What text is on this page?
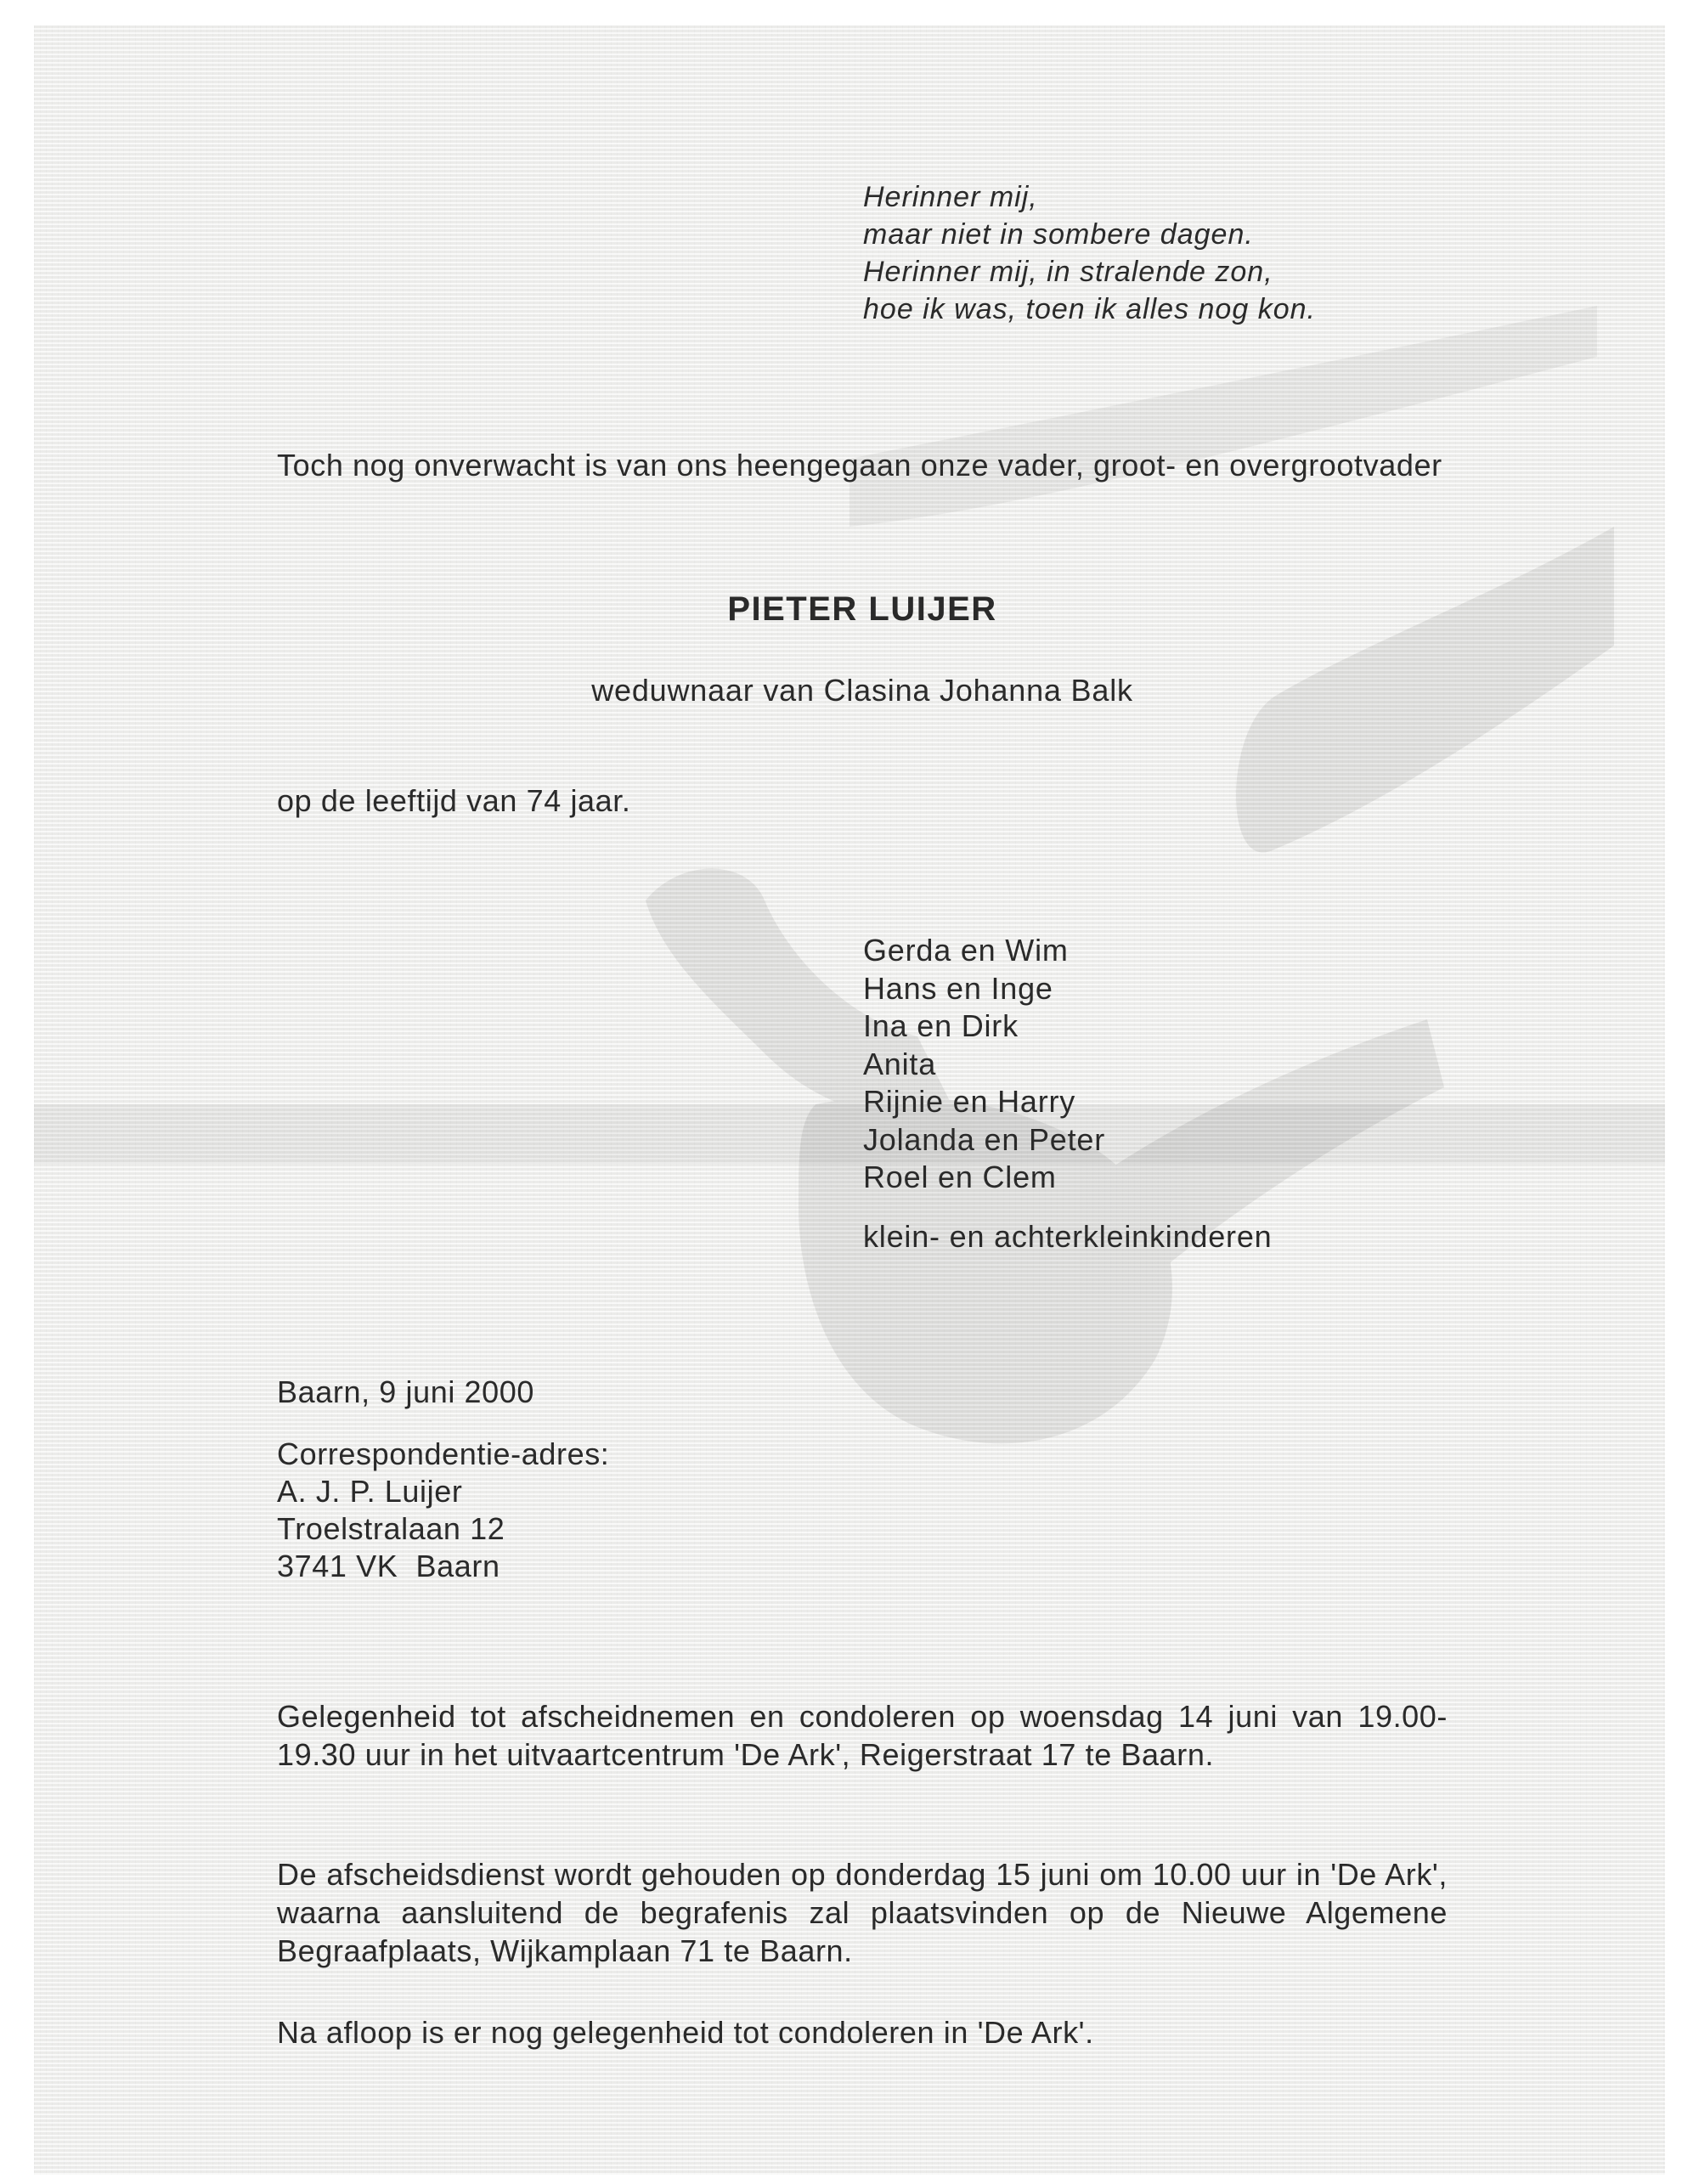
Herinner mij,
maar niet in sombere dagen.
Herinner mij, in stralende zon,
hoe ik was, toen ik alles nog kon.

Toch nog onverwacht is van ons heengegaan onze vader, groot- en overgrootvader

PIETER LUIJER
weduwnaar van Clasina Johanna Balk
op de leeftijd van 74 jaar.
Gerda en Wim
Hans en Inge
Ina en Dirk
Anita
Rijnie en Harry
Jolanda en Peter
Roel en Clem
klein- en achterkleinkinderen
Baarn, 9 juni 2000
Correspondentie-adres:
A. J. P. Luijer
Troelstralaan 12
3741 VK  Baarn

Gelegenheid tot afscheidnemen en condoleren op woensdag 14 juni van 19.00-19.30 uur in het uitvaartcentrum 'De Ark', Reigerstraat 17 te Baarn.

De afscheidsdienst wordt gehouden op donderdag 15 juni om 10.00 uur in 'De Ark', waarna aansluitend de begrafenis zal plaatsvinden op de Nieuwe Algemene Begraafplaats, Wijkamplaan 71 te Baarn.

Na afloop is er nog gelegenheid tot condoleren in 'De Ark'.
